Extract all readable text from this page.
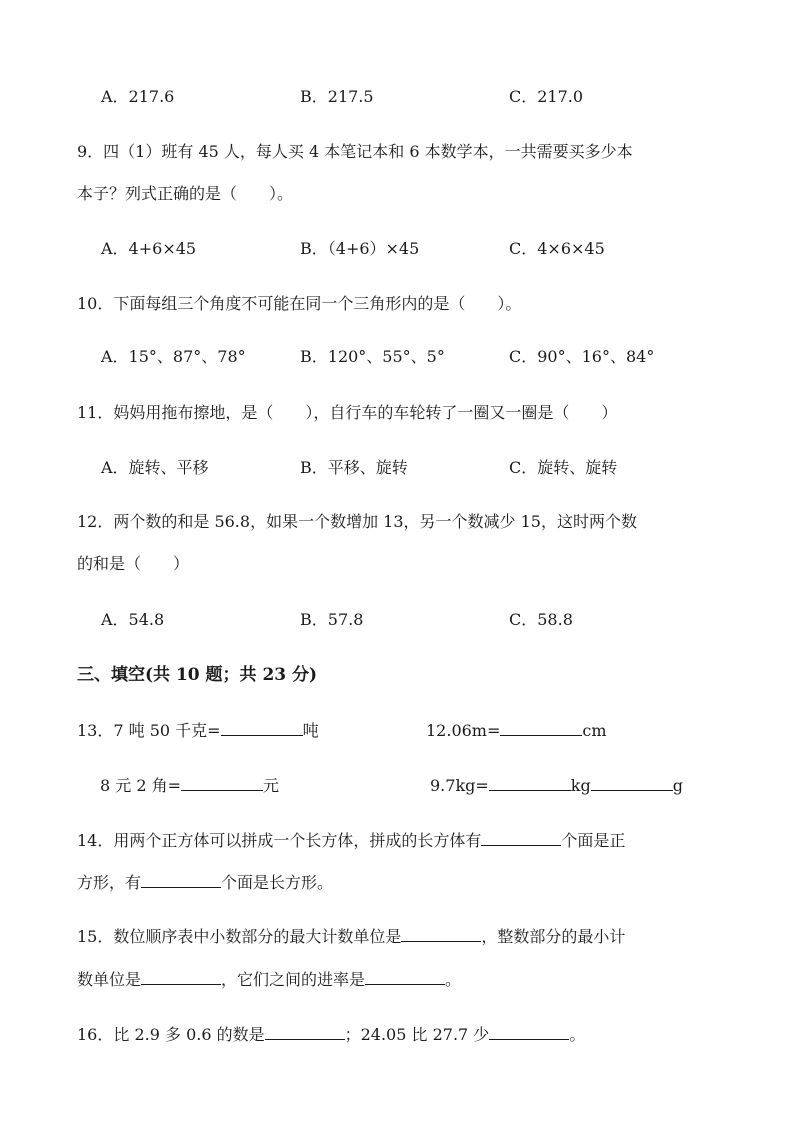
A．217.6	B．217.5	C．217.0
9．四（1）班有 45 人，每人买 4 本笔记本和 6 本数学本，一共需要买多少本
本子？列式正确的是（　　）。
A．4+6×45	B．（4+6）×45	C．4×6×45
10．下面每组三个角度不可能在同一个三角形内的是（　　）。
A．15°、87°、78°	B．120°、55°、5°	C．90°、16°、84°
11．妈妈用拖布擦地，是（　　），自行车的车轮转了一圈又一圈是（　　）
A．旋转、平移	B．平移、旋转	C．旋转、旋转
12．两个数的和是 56.8，如果一个数增加 13，另一个数减少 15，这时两个数
的和是（　　）
A．54.8	B．57.8	C．58.8
三、填空(共 10 题；共 23 分)
13．7 吨 50 千克=	吨	12.06m=	cm
8 元 2 角=	元	9.7kg=	kg	g
14．用两个正方体可以拼成一个长方体，拼成的长方体有	个面是正
方形，有	个面是长方形。
15．数位顺序表中小数部分的最大计数单位是	，整数部分的最小计
数单位是	，它们之间的进率是	。
16．比 2.9 多 0.6 的数是	；24.05 比 27.7 少	。
